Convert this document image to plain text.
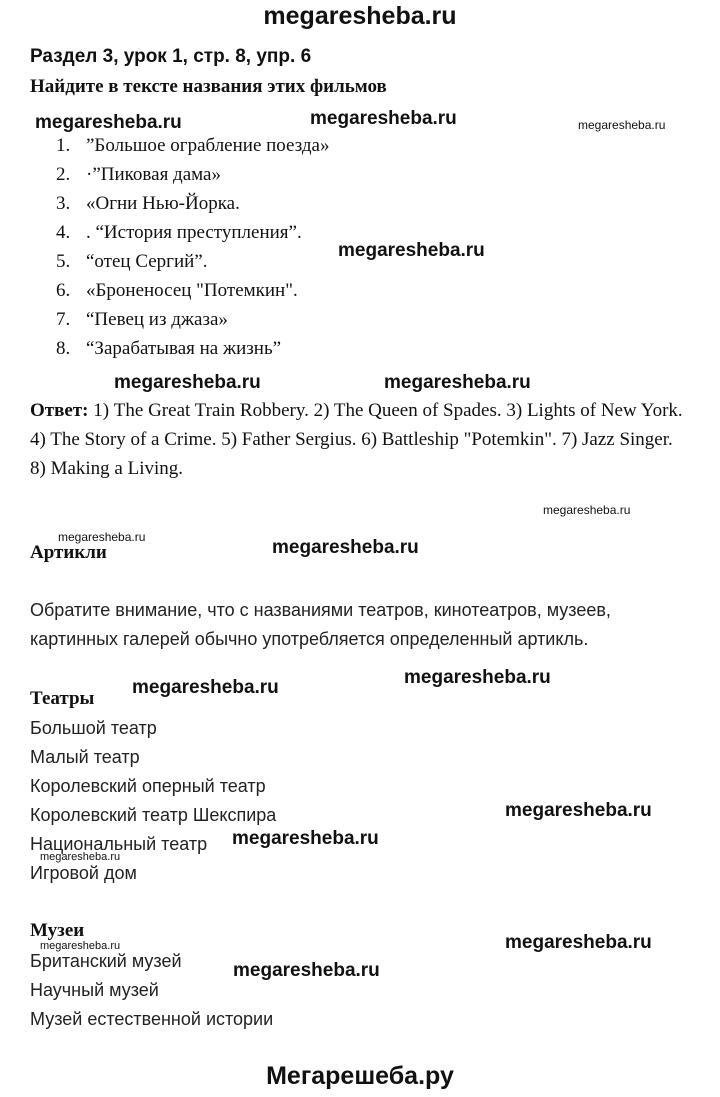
megaresheba.ru
Раздел 3, урок 1, стр. 8, упр. 6
Найдите в тексте названия этих фильмов
megaresheba.ru	megaresheba.ru	megaresheba.ru
1. ”Большое ограбление поезда»
2. ·”Пиковая дама»
3. «Огни Нью-Йорка.
4. . “История преступления”.
5. “отец Сергий”.
6. «Броненосец "Потемкин".
7. “Певец из джаза»
8. “Зарабатывая на жизнь”
megaresheba.ru
megaresheba.ru	megaresheba.ru
Ответ: 1) The Great Train Robbery. 2) The Queen of Spades. 3) Lights of New York. 4) The Story of a Crime. 5) Father Sergius. 6) Battleship "Potemkin". 7) Jazz Singer. 8) Making a Living.
megaresheba.ru
megaresheba.ru
Артикли	megaresheba.ru
Обратите внимание, что с названиями театров, кинотеатров, музеев, картинных галерей обычно употребляется определенный артикль.
Театры
megaresheba.ru	megaresheba.ru
Большой театр
Малый театр
Королевский оперный театр
Королевский театр Шекспира
Национальный театр
Игровой дом
megaresheba.ru
megaresheba.ru
megaresheba.ru
Музеи
megaresheba.ru	megaresheba.ru
Британский музей
Научный музей
Музей естественной истории
megaresheba.ru
Мегарешеба.ру
